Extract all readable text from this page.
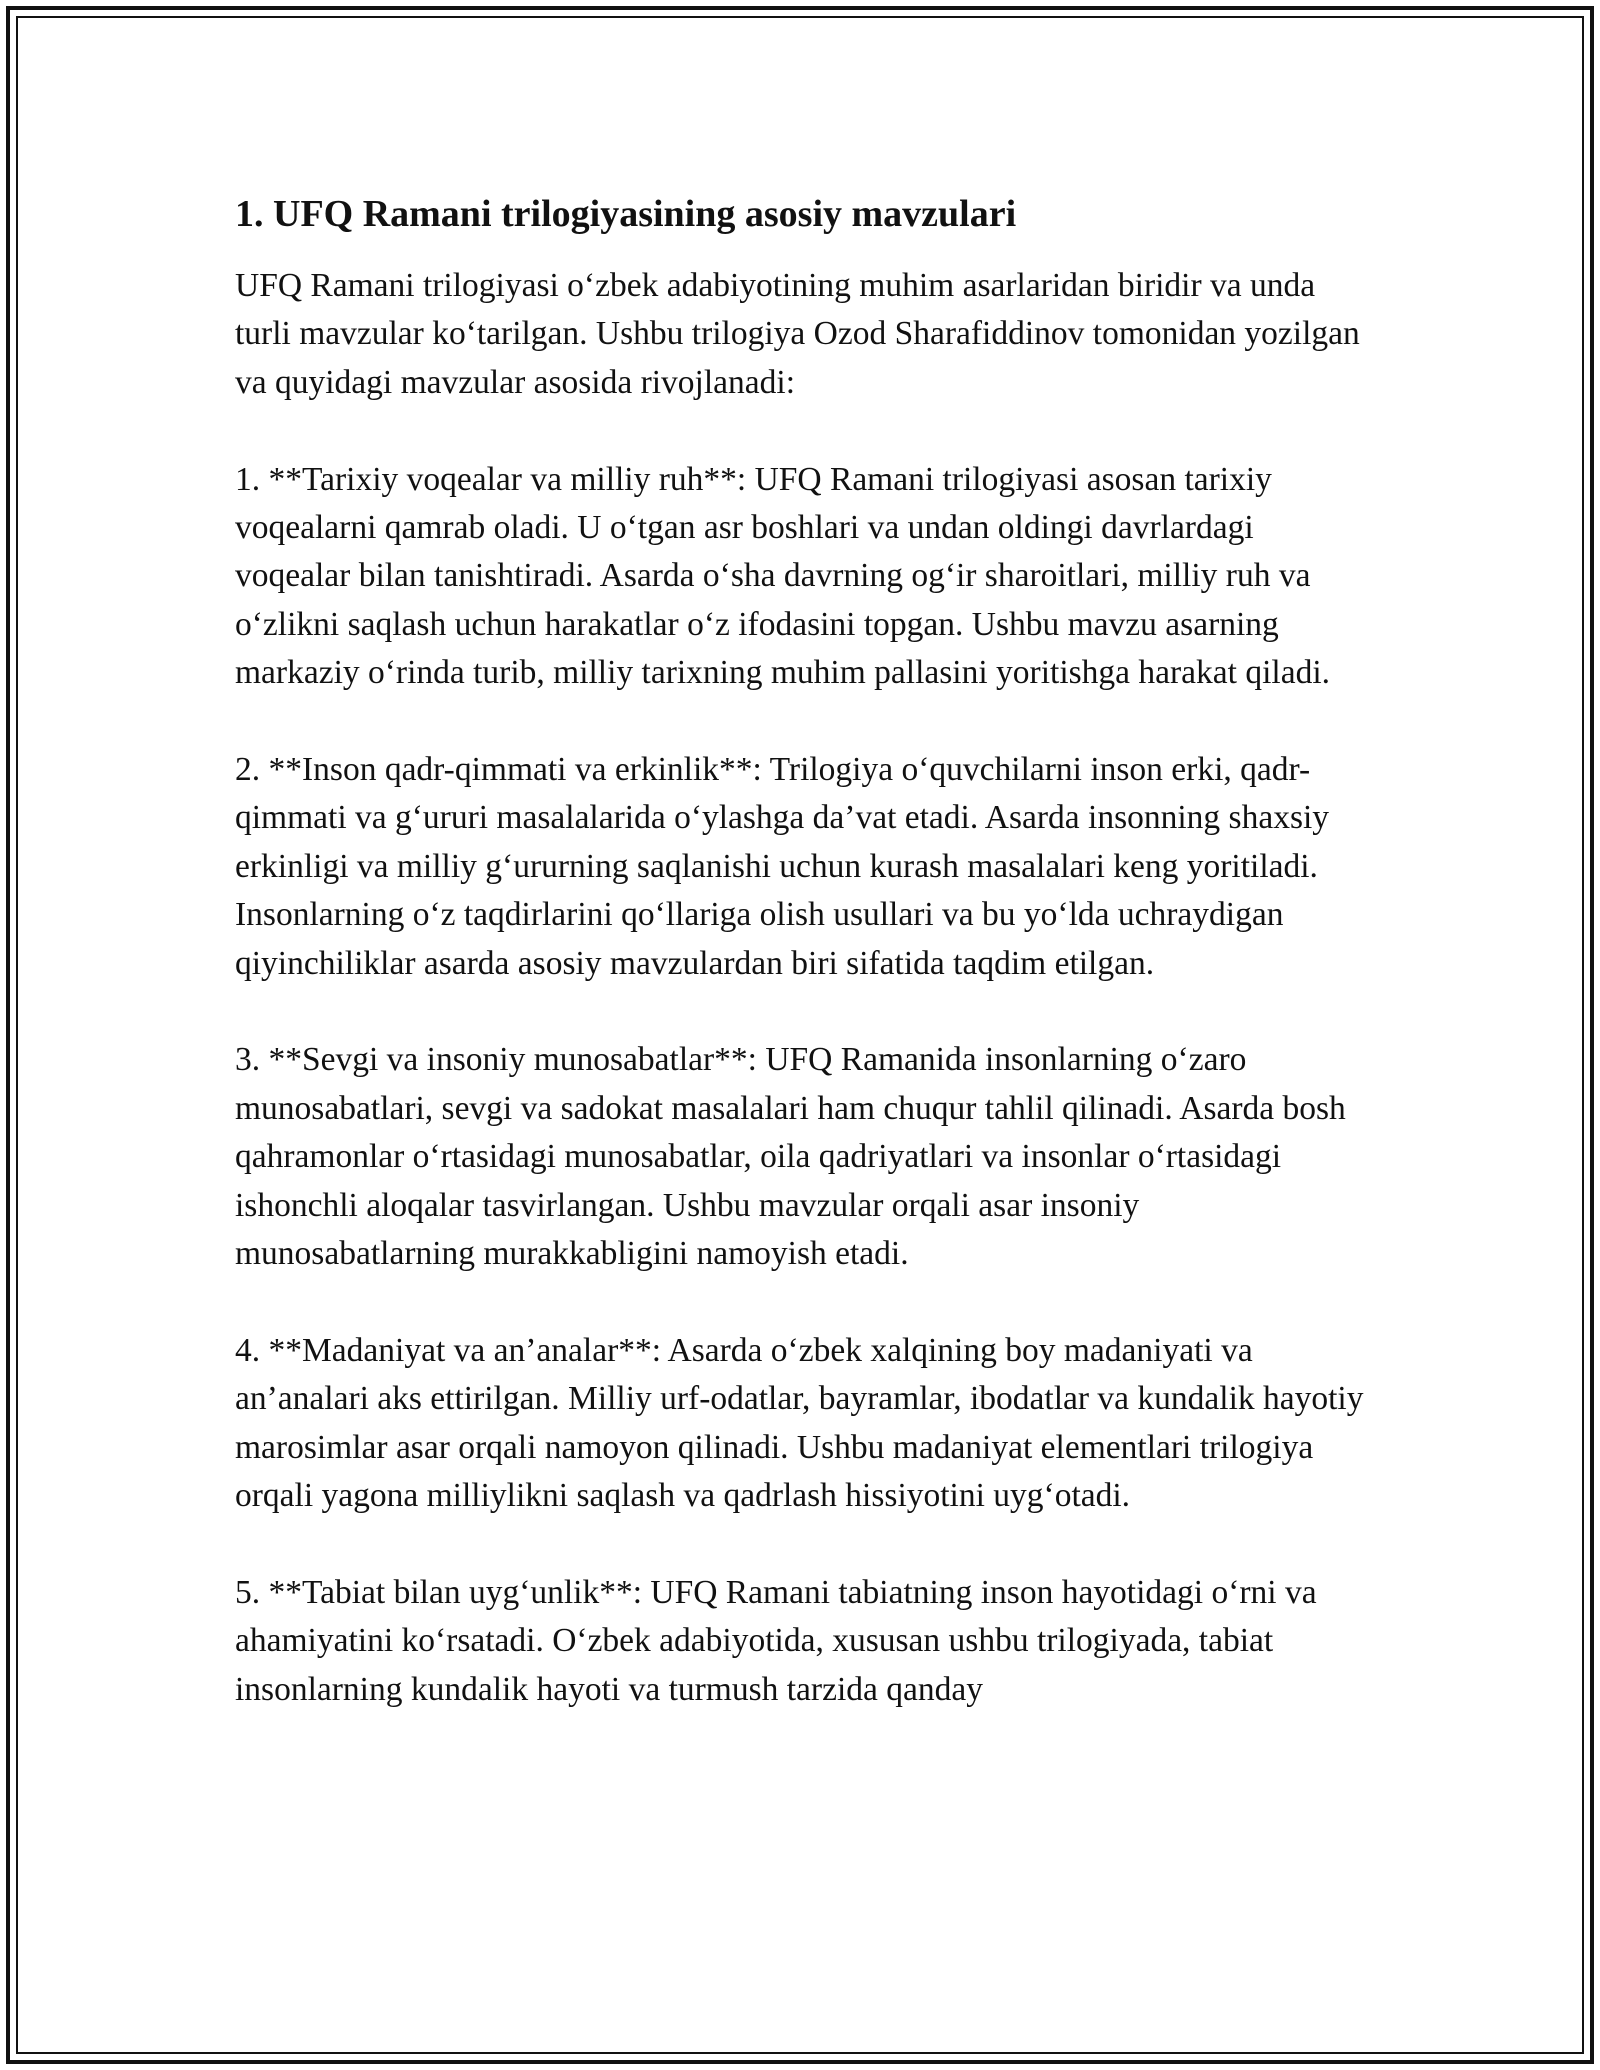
1. UFQ Ramani trilogiyasining asosiy mavzulari

UFQ Ramani trilogiyasi o‘zbek adabiyotining muhim asarlaridan biridir va unda turli mavzular ko‘tarilgan. Ushbu trilogiya Ozod Sharafiddinov tomonidan yozilgan va quyidagi mavzular asosida rivojlanadi:

1. **Tarixiy voqealar va milliy ruh**: UFQ Ramani trilogiyasi asosan tarixiy voqealarni qamrab oladi. U o‘tgan asr boshlari va undan oldingi davrlardagi voqealar bilan tanishtiradi. Asarda o‘sha davrning og‘ir sharoitlari, milliy ruh va o‘zlikni saqlash uchun harakatlar o‘z ifodasini topgan. Ushbu mavzu asarning markaziy o‘rinda turib, milliy tarixning muhim pallasini yoritishga harakat qiladi.

2. **Inson qadr-qimmati va erkinlik**: Trilogiya o‘quvchilarni inson erki, qadr-qimmati va g‘ururi masalalarida o‘ylashga da’vat etadi. Asarda insonning shaxsiy erkinligi va milliy g‘ururning saqlanishi uchun kurash masalalari keng yoritiladi. Insonlarning o‘z taqdirlarini qo‘llariga olish usullari va bu yo‘lda uchraydigan qiyinchiliklar asarda asosiy mavzulardan biri sifatida taqdim etilgan.

3. **Sevgi va insoniy munosabatlar**: UFQ Ramanida insonlarning o‘zaro munosabatlari, sevgi va sadokat masalalari ham chuqur tahlil qilinadi. Asarda bosh qahramonlar o‘rtasidagi munosabatlar, oila qadriyatlari va insonlar o‘rtasidagi ishonchli aloqalar tasvirlangan. Ushbu mavzular orqali asar insoniy munosabatlarning murakkabligini namoyish etadi.

4. **Madaniyat va an’analar**: Asarda o‘zbek xalqining boy madaniyati va an’analari aks ettirilgan. Milliy urf-odatlar, bayramlar, ibodatlar va kundalik hayotiy marosimlar asar orqali namoyon qilinadi. Ushbu madaniyat elementlari trilogiya orqali yagona milliylikni saqlash va qadrlash hissiyotini uyg‘otadi.

5. **Tabiat bilan uyg‘unlik**: UFQ Ramani tabiatning inson hayotidagi o‘rni va ahamiyatini ko‘rsatadi. O‘zbek adabiyotida, xususan ushbu trilogiyada, tabiat insonlarning kundalik hayoti va turmush tarzida qanday
